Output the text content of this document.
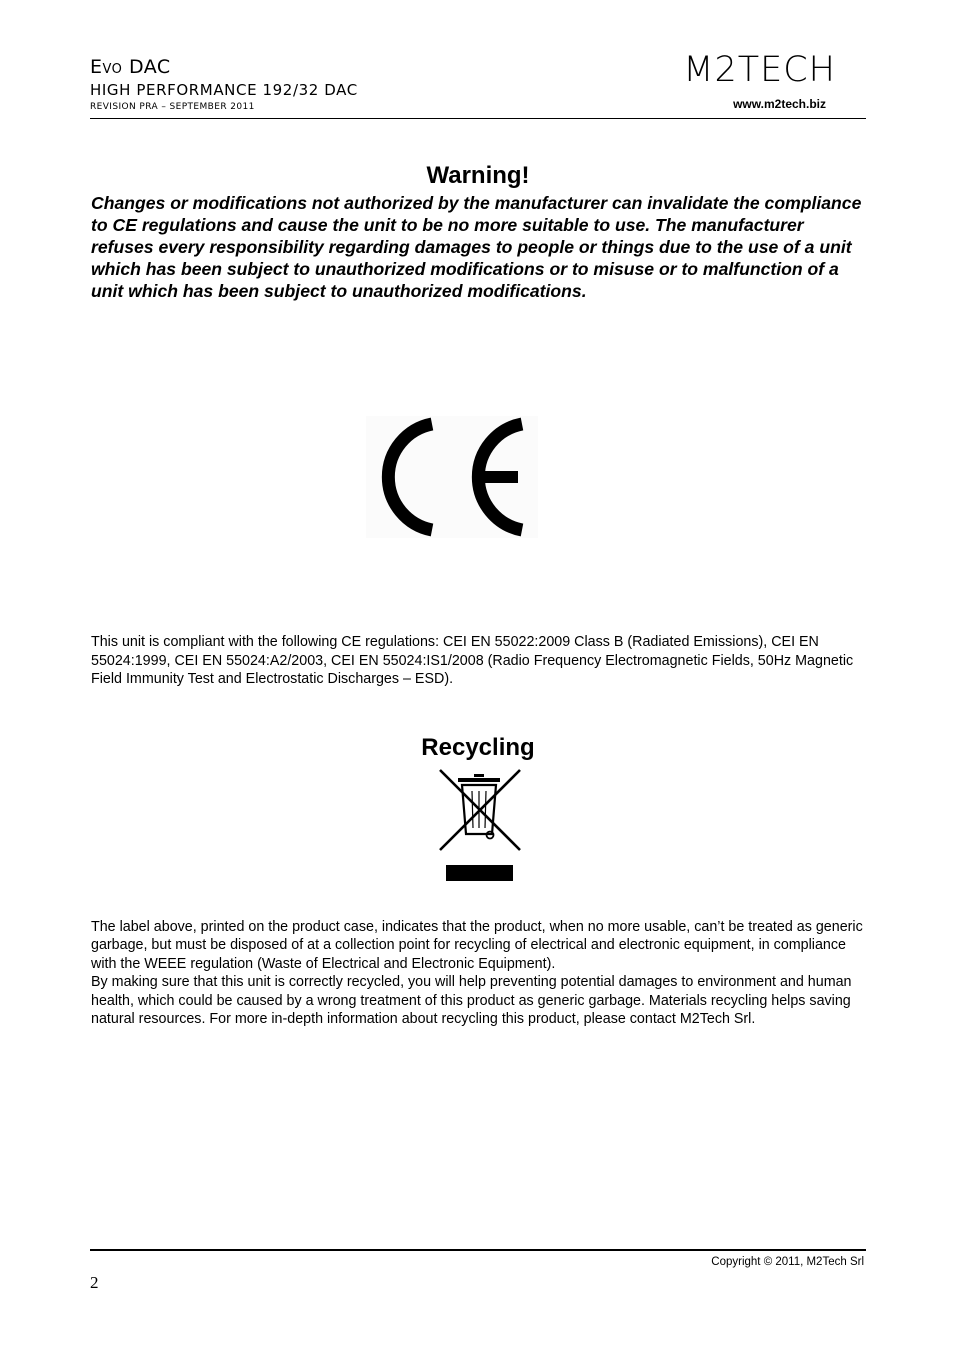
Evo DAC
HIGH PERFORMANCE 192/32 DAC
REVISION PRA – SEPTEMBER 2011
M2TECH
www.m2tech.biz
Warning!
Changes or modifications not authorized by the manufacturer can invalidate the compliance to CE regulations and cause the unit to be no more suitable to use. The manufacturer refuses every responsibility regarding damages to people or things due to the use of a unit which has been subject to unauthorized modifications or to misuse or to malfunction of a unit which has been subject to unauthorized modifications.
This unit is compliant with the following CE regulations: CEI EN 55022:2009 Class B (Radiated Emissions), CEI EN 55024:1999, CEI EN 55024:A2/2003, CEI EN 55024:IS1/2008 (Radio Frequency Electromagnetic Fields, 50Hz Magnetic Field Immunity Test and Electrostatic Discharges – ESD).
Recycling

The label above, printed on the product case, indicates that the product, when no more usable, can’t be treated as generic garbage, but must be disposed of at a collection point for recycling of electrical and electronic equipment, in compliance with the WEEE regulation (Waste of Electrical and Electronic Equipment).

By making sure that this unit is correctly recycled, you will help preventing potential damages to environment and human health, which could be caused by a wrong treatment of this product as generic garbage. Materials recycling helps saving natural resources. For more in-depth information about recycling this product, please contact M2Tech Srl.

Copyright © 2011, M2Tech Srl
2
